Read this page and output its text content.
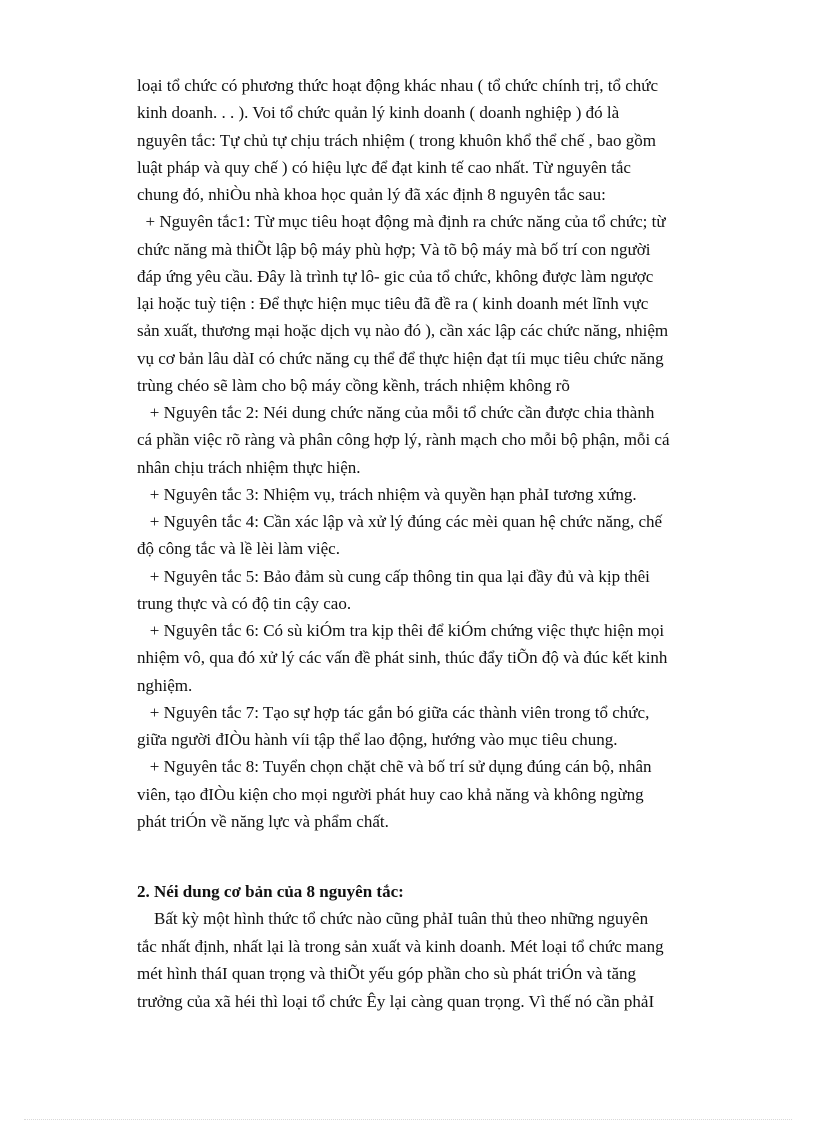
loại tổ chức có phương thức hoạt động khác nhau ( tổ chức chính trị, tổ chức
kinh doanh. . . ). Voi tổ chức quản lý kinh doanh ( doanh nghiệp ) đó là
nguyên tắc: Tự chủ tự chịu trách nhiệm ( trong khuôn khổ thể chế , bao gồm
luật pháp và quy chế ) có hiệu lực để đạt kinh tế cao nhất. Từ nguyên tắc
chung đó, nhiÒu nhà khoa học quản lý đã xác định 8 nguyên tắc sau:
+ Nguyên tắc1: Từ mục tiêu hoạt động mà định ra chức năng của tổ chức; từ
chức năng mà thiÕt lập bộ máy phù hợp; Và tõ bộ máy mà bố trí con người
đáp ứng yêu cầu. Đây là trình tự lô- gic của tổ chức, không được làm ngược
lại hoặc tuỳ tiện : Để thực hiện mục tiêu đã đề ra ( kinh doanh mét lĩnh vực
sản xuất, thương mại hoặc dịch vụ nào đó ), cần xác lập các chức năng, nhiệm
vụ cơ bản lâu dàI có chức năng cụ thể để thực hiện đạt tíi mục tiêu chức năng
trùng chéo sẽ làm cho bộ máy cồng kềnh, trách nhiệm không rõ
+ Nguyên tắc 2: Néi dung chức năng của mỗi tổ chức cần được chia thành
cá phần việc rõ ràng và phân công hợp lý, rành mạch cho mỗi bộ phận, mỗi cá
nhân chịu trách nhiệm thực hiện.
+ Nguyên tắc 3: Nhiệm vụ, trách nhiệm và quyền hạn phảI tương xứng.
+ Nguyên tắc 4: Cần xác lập và xử lý đúng các mèi quan hệ chức năng, chế
độ công tắc và lề lèi làm việc.
+ Nguyên tắc 5: Bảo đảm sù cung cấp thông tin qua lại đầy đủ và kịp thêi
trung thực và có độ tin cậy cao.
+ Nguyên tắc 6: Có sù kiÓm tra kịp thêi để kiÓm chứng việc thực hiện mọi
nhiệm vô, qua đó xử lý các vấn đề phát sinh, thúc đẩy tiÕn độ và đúc kết kinh
nghiệm.
+ Nguyên tắc 7: Tạo sự hợp tác gắn bó giữa các thành viên trong tổ chức,
giữa người đIÒu hành víi tập thể lao động, hướng vào mục tiêu chung.
+ Nguyên tắc 8: Tuyển chọn chặt chẽ và bố trí sử dụng đúng cán bộ, nhân
viên, tạo đIÒu kiện cho mọi người phát huy cao khả năng và không ngừng
phát triÓn về năng lực và phẩm chất.
2. Néi dung cơ bản của 8 nguyên tắc:
Bất kỳ một hình thức tổ chức nào cũng phảI tuân thủ theo những nguyên
tắc nhất định, nhất lại là trong sản xuất và kinh doanh. Mét loại tổ chức mang
mét hình tháI quan trọng và thiÕt yếu góp phần cho sù phát triÓn và tăng
trưởng của xã héi thì loại tổ chức Êy lại càng quan trọng. Vì thế nó cần phảI
